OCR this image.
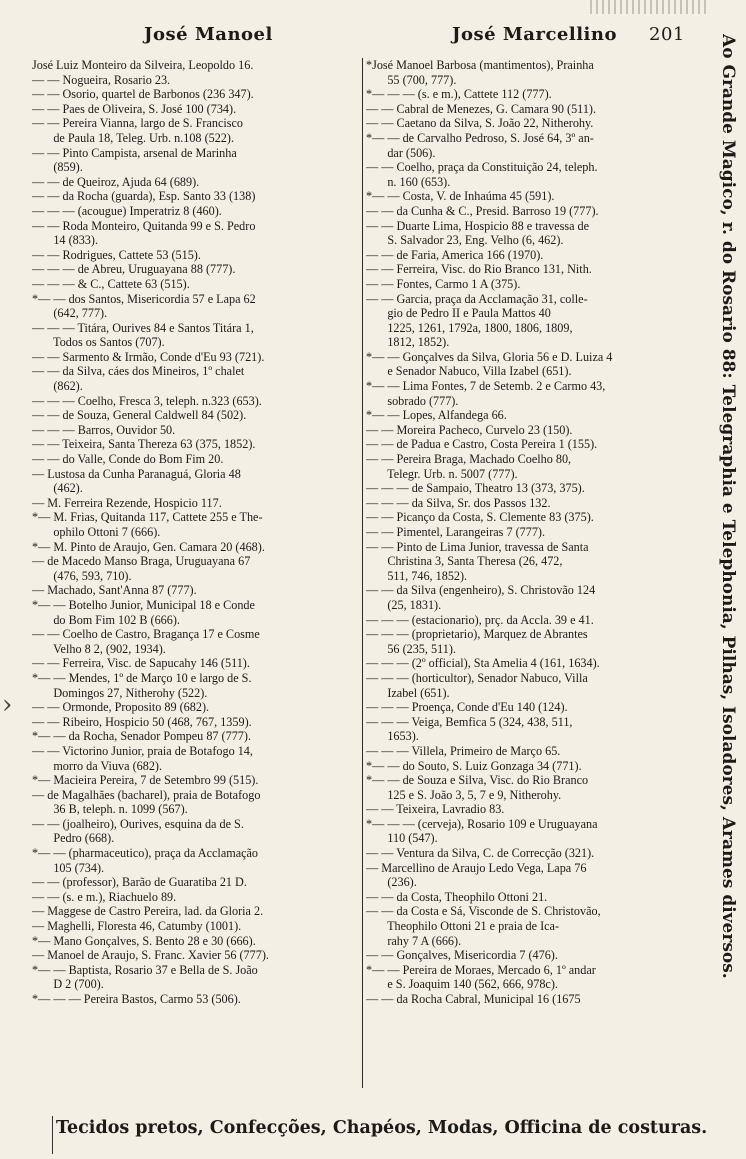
José Manoel	José Marcellino 201
José Luiz Monteiro da Silveira, Leopoldo 16.
— — Nogueira, Rosario 23.
— — Osorio, quartel de Barbonos (236 347).
— — Paes de Oliveira, S. José 100 (734).
— — Pereira Vianna, largo de S. Francisco
de Paula 18, Teleg. Urb. n.108 (522).
— — Pinto Campista, arsenal de Marinha
(859).
— — de Queiroz, Ajuda 64 (689).
— — da Rocha (guarda), Esp. Santo 33 (138)
— — — (acougue) Imperatriz 8 (460).
— — Roda Monteiro, Quitanda 99 e S. Pedro
14 (833).
— — Rodrigues, Cattete 53 (515).
— — — de Abreu, Uruguayana 88 (777).
— — — & C., Cattete 63 (515).
*— — dos Santos, Misericordia 57 e Lapa 62
(642, 777).
— — — Titára, Ourives 84 e Santos Titára 1,
Todos os Santos (707).
— — Sarmento & Irmão, Conde d'Eu 93 (721).
— — da Silva, cáes dos Mineiros, 1º chalet
(862).
— — — Coelho, Fresca 3, teleph. n.323 (653).
— — de Souza, General Caldwell 84 (502).
— — — Barros, Ouvidor 50.
— — Teixeira, Santa Thereza 63 (375, 1852).
— — do Valle, Conde do Bom Fim 20.
— Lustosa da Cunha Paranaguá, Gloria 48
(462).
— M. Ferreira Rezende, Hospicio 117.
*— M. Frias, Quitanda 117, Cattete 255 e The-
ophilo Ottoni 7 (666).
*— M. Pinto de Araujo, Gen. Camara 20 (468).
— de Macedo Manso Braga, Uruguayana 67
(476, 593, 710).
— Machado, Sant'Anna 87 (777).
*— — Botelho Junior, Municipal 18 e Conde
do Bom Fim 102 B (666).
— — Coelho de Castro, Bragança 17 e Cosme
Velho 8 2, (902, 1934).
— — Ferreira, Visc. de Sapucahy 146 (511).
*— — Mendes, 1º de Março 10 e largo de S.
Domingos 27, Nitherohy (522).
— — Ormonde, Proposito 89 (682).
— — Ribeiro, Hospicio 50 (468, 767, 1359).
*— — da Rocha, Senador Pompeu 87 (777).
— — Victorino Junior, praia de Botafogo 14,
morro da Viuva (682).
*— Macieira Pereira, 7 de Setembro 99 (515).
— de Magalhães (bacharel), praia de Botafogo
36 B, teleph. n. 1099 (567).
— — (joalheiro), Ourives, esquina da de S.
Pedro (668).
*— — (pharmaceutico), praça da Acclamação
105 (734).
— — (professor), Barão de Guaratiba 21 D.
— — (s. e m.), Riachuelo 89.
— Maggese de Castro Pereira, lad. da Gloria 2.
— Maghelli, Floresta 46, Catumby (1001).
*— Mano Gonçalves, S. Bento 28 e 30 (666).
— Manoel de Araujo, S. Franc. Xavier 56 (777).
*— — Baptista, Rosario 37 e Bella de S. João
D 2 (700).
*— — — Pereira Bastos, Carmo 53 (506).
*José Manoel Barbosa (mantimentos), Prainha
55 (700, 777).
*— — — (s. e m.), Cattete 112 (777).
— — Cabral de Menezes, G. Camara 90 (511).
— — Caetano da Silva, S. João 22, Nitherohy.
*— — de Carvalho Pedroso, S. José 64, 3º an-
dar (506).
— — Coelho, praça da Constituição 24, teleph.
n. 160 (653).
*— — Costa, V. de Inhaúma 45 (591).
— — da Cunha & C., Presid. Barroso 19 (777).
— — Duarte Lima, Hospicio 88 e travessa de
S. Salvador 23, Eng. Velho (6, 462).
— — de Faria, America 166 (1970).
— — Ferreira, Visc. do Rio Branco 131, Nith.
— — Fontes, Carmo 1 A (375).
— — Garcia, praça da Acclamação 31, colle-
gio de Pedro II e Paula Mattos 40
1225, 1261, 1792a, 1800, 1806, 1809,
1812, 1852).
*— — Gonçalves da Silva, Gloria 56 e D. Luiza 4
e Senador Nabuco, Villa Izabel (651).
*— — Lima Fontes, 7 de Setemb. 2 e Carmo 43,
sobrado (777).
*— — Lopes, Alfandega 66.
— — Moreira Pacheco, Curvelo 23 (150).
— — de Padua e Castro, Costa Pereira 1 (155).
— — Pereira Braga, Machado Coelho 80,
Telegr. Urb. n. 5007 (777).
— — — de Sampaio, Theatro 13 (373, 375).
— — — da Silva, Sr. dos Passos 132.
— — Picanço da Costa, S. Clemente 83 (375).
— — Pimentel, Larangeiras 7 (777).
— — Pinto de Lima Junior, travessa de Santa
Christina 3, Santa Theresa (26, 472,
511, 746, 1852).
— — da Silva (engenheiro), S. Christovão 124
(25, 1831).
— — — (estacionario), prç. da Accla. 39 e 41.
— — — (proprietario), Marquez de Abrantes
56 (235, 511).
— — — (2º official), Sta Amelia 4 (161, 1634).
— — — (horticultor), Senador Nabuco, Villa
Izabel (651).
— — — Proença, Conde d'Eu 140 (124).
— — — Veiga, Bemfica 5 (324, 438, 511,
1653).
— — — Villela, Primeiro de Março 65.
*— — do Souto, S. Luiz Gonzaga 34 (771).
*— — de Souza e Silva, Visc. do Rio Branco
125 e S. João 3, 5, 7 e 9, Nitherohy.
— — Teixeira, Lavradio 83.
*— — — (cerveja), Rosario 109 e Uruguayana
110 (547).
— — Ventura da Silva, C. de Correcção (321).
— Marcellino de Araujo Ledo Vega, Lapa 76
(236).
— — da Costa, Theophilo Ottoni 21.
— — da Costa e Sá, Visconde de S. Christovão,
Theophilo Ottoni 21 e praia de Ica-
rahy 7 A (666).
— — Gonçalves, Misericordia 7 (476).
*— — Pereira de Moraes, Mercado 6, 1º andar
e S. Joaquim 140 (562, 666, 978c).
— — da Rocha Cabral, Municipal 16 (1675
Ao Grande Magico, r. do Rosario 88: Telegraphia e Telephonia, Pilhas, Isoladores, Arames diversos.
›
Tecidos pretos, Confecções, Chapéos, Modas, Officina de costuras.
